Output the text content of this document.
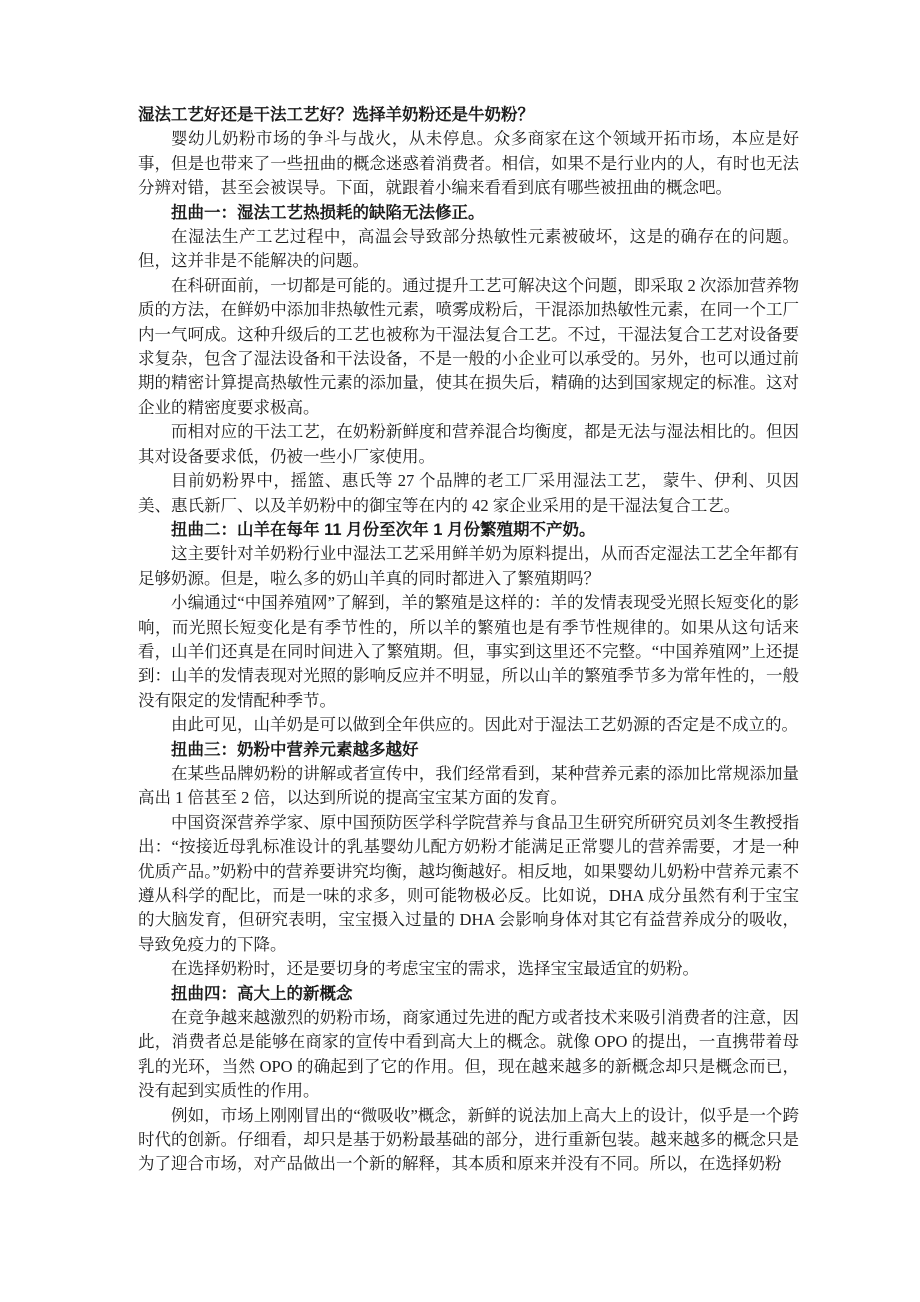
湿法工艺好还是干法工艺好？选择羊奶粉还是牛奶粉？

婴幼儿奶粉市场的争斗与战火，从未停息。众多商家在这个领域开拓市场，本应是好事，但是也带来了一些扭曲的概念迷惑着消费者。相信，如果不是行业内的人，有时也无法分辨对错，甚至会被误导。下面，就跟着小编来看看到底有哪些被扭曲的概念吧。

扭曲一：湿法工艺热损耗的缺陷无法修正。

在湿法生产工艺过程中，高温会导致部分热敏性元素被破坏，这是的确存在的问题。但，这并非是不能解决的问题。

在科研面前，一切都是可能的。通过提升工艺可解决这个问题，即采取 2 次添加营养物质的方法，在鲜奶中添加非热敏性元素，喷雾成粉后，干混添加热敏性元素，在同一个工厂内一气呵成。这种升级后的工艺也被称为干湿法复合工艺。不过，干湿法复合工艺对设备要求复杂，包含了湿法设备和干法设备，不是一般的小企业可以承受的。另外，也可以通过前期的精密计算提高热敏性元素的添加量，使其在损失后，精确的达到国家规定的标准。这对企业的精密度要求极高。

而相对应的干法工艺，在奶粉新鲜度和营养混合均衡度，都是无法与湿法相比的。但因其对设备要求低，仍被一些小厂家使用。

目前奶粉界中，摇篮、惠氏等 27 个品牌的老工厂采用湿法工艺， 蒙牛、伊利、贝因美、惠氏新厂、以及羊奶粉中的御宝等在内的 42 家企业采用的是干湿法复合工艺。

扭曲二：山羊在每年 11 月份至次年 1 月份繁殖期不产奶。

这主要针对羊奶粉行业中湿法工艺采用鲜羊奶为原料提出，从而否定湿法工艺全年都有足够奶源。但是，啦么多的奶山羊真的同时都进入了繁殖期吗？

小编通过“中国养殖网”了解到，羊的繁殖是这样的：羊的发情表现受光照长短变化的影响，而光照长短变化是有季节性的，所以羊的繁殖也是有季节性规律的。如果从这句话来看，山羊们还真是在同时间进入了繁殖期。但，事实到这里还不完整。“中国养殖网”上还提到：山羊的发情表现对光照的影响反应并不明显，所以山羊的繁殖季节多为常年性的，一般没有限定的发情配种季节。

由此可见，山羊奶是可以做到全年供应的。因此对于湿法工艺奶源的否定是不成立的。

扭曲三：奶粉中营养元素越多越好

在某些品牌奶粉的讲解或者宣传中，我们经常看到，某种营养元素的添加比常规添加量高出 1 倍甚至 2 倍，以达到所说的提高宝宝某方面的发育。

中国资深营养学家、原中国预防医学科学院营养与食品卫生研究所研究员刘冬生教授指出：“按接近母乳标准设计的乳基婴幼儿配方奶粉才能满足正常婴儿的营养需要，才是一种优质产品。”奶粉中的营养要讲究均衡，越均衡越好。相反地，如果婴幼儿奶粉中营养元素不遵从科学的配比，而是一味的求多，则可能物极必反。比如说，DHA 成分虽然有利于宝宝的大脑发育，但研究表明，宝宝摄入过量的 DHA 会影响身体对其它有益营养成分的吸收，导致免疫力的下降。

在选择奶粉时，还是要切身的考虑宝宝的需求，选择宝宝最适宜的奶粉。

扭曲四：高大上的新概念

在竞争越来越激烈的奶粉市场，商家通过先进的配方或者技术来吸引消费者的注意，因此，消费者总是能够在商家的宣传中看到高大上的概念。就像 OPO 的提出，一直携带着母乳的光环，当然 OPO 的确起到了它的作用。但，现在越来越多的新概念却只是概念而已，没有起到实质性的作用。

例如，市场上刚刚冒出的“微吸收”概念，新鲜的说法加上高大上的设计，似乎是一个跨时代的创新。仔细看，却只是基于奶粉最基础的部分，进行重新包装。越来越多的概念只是为了迎合市场，对产品做出一个新的解释，其本质和原来并没有不同。所以，在选择奶粉
